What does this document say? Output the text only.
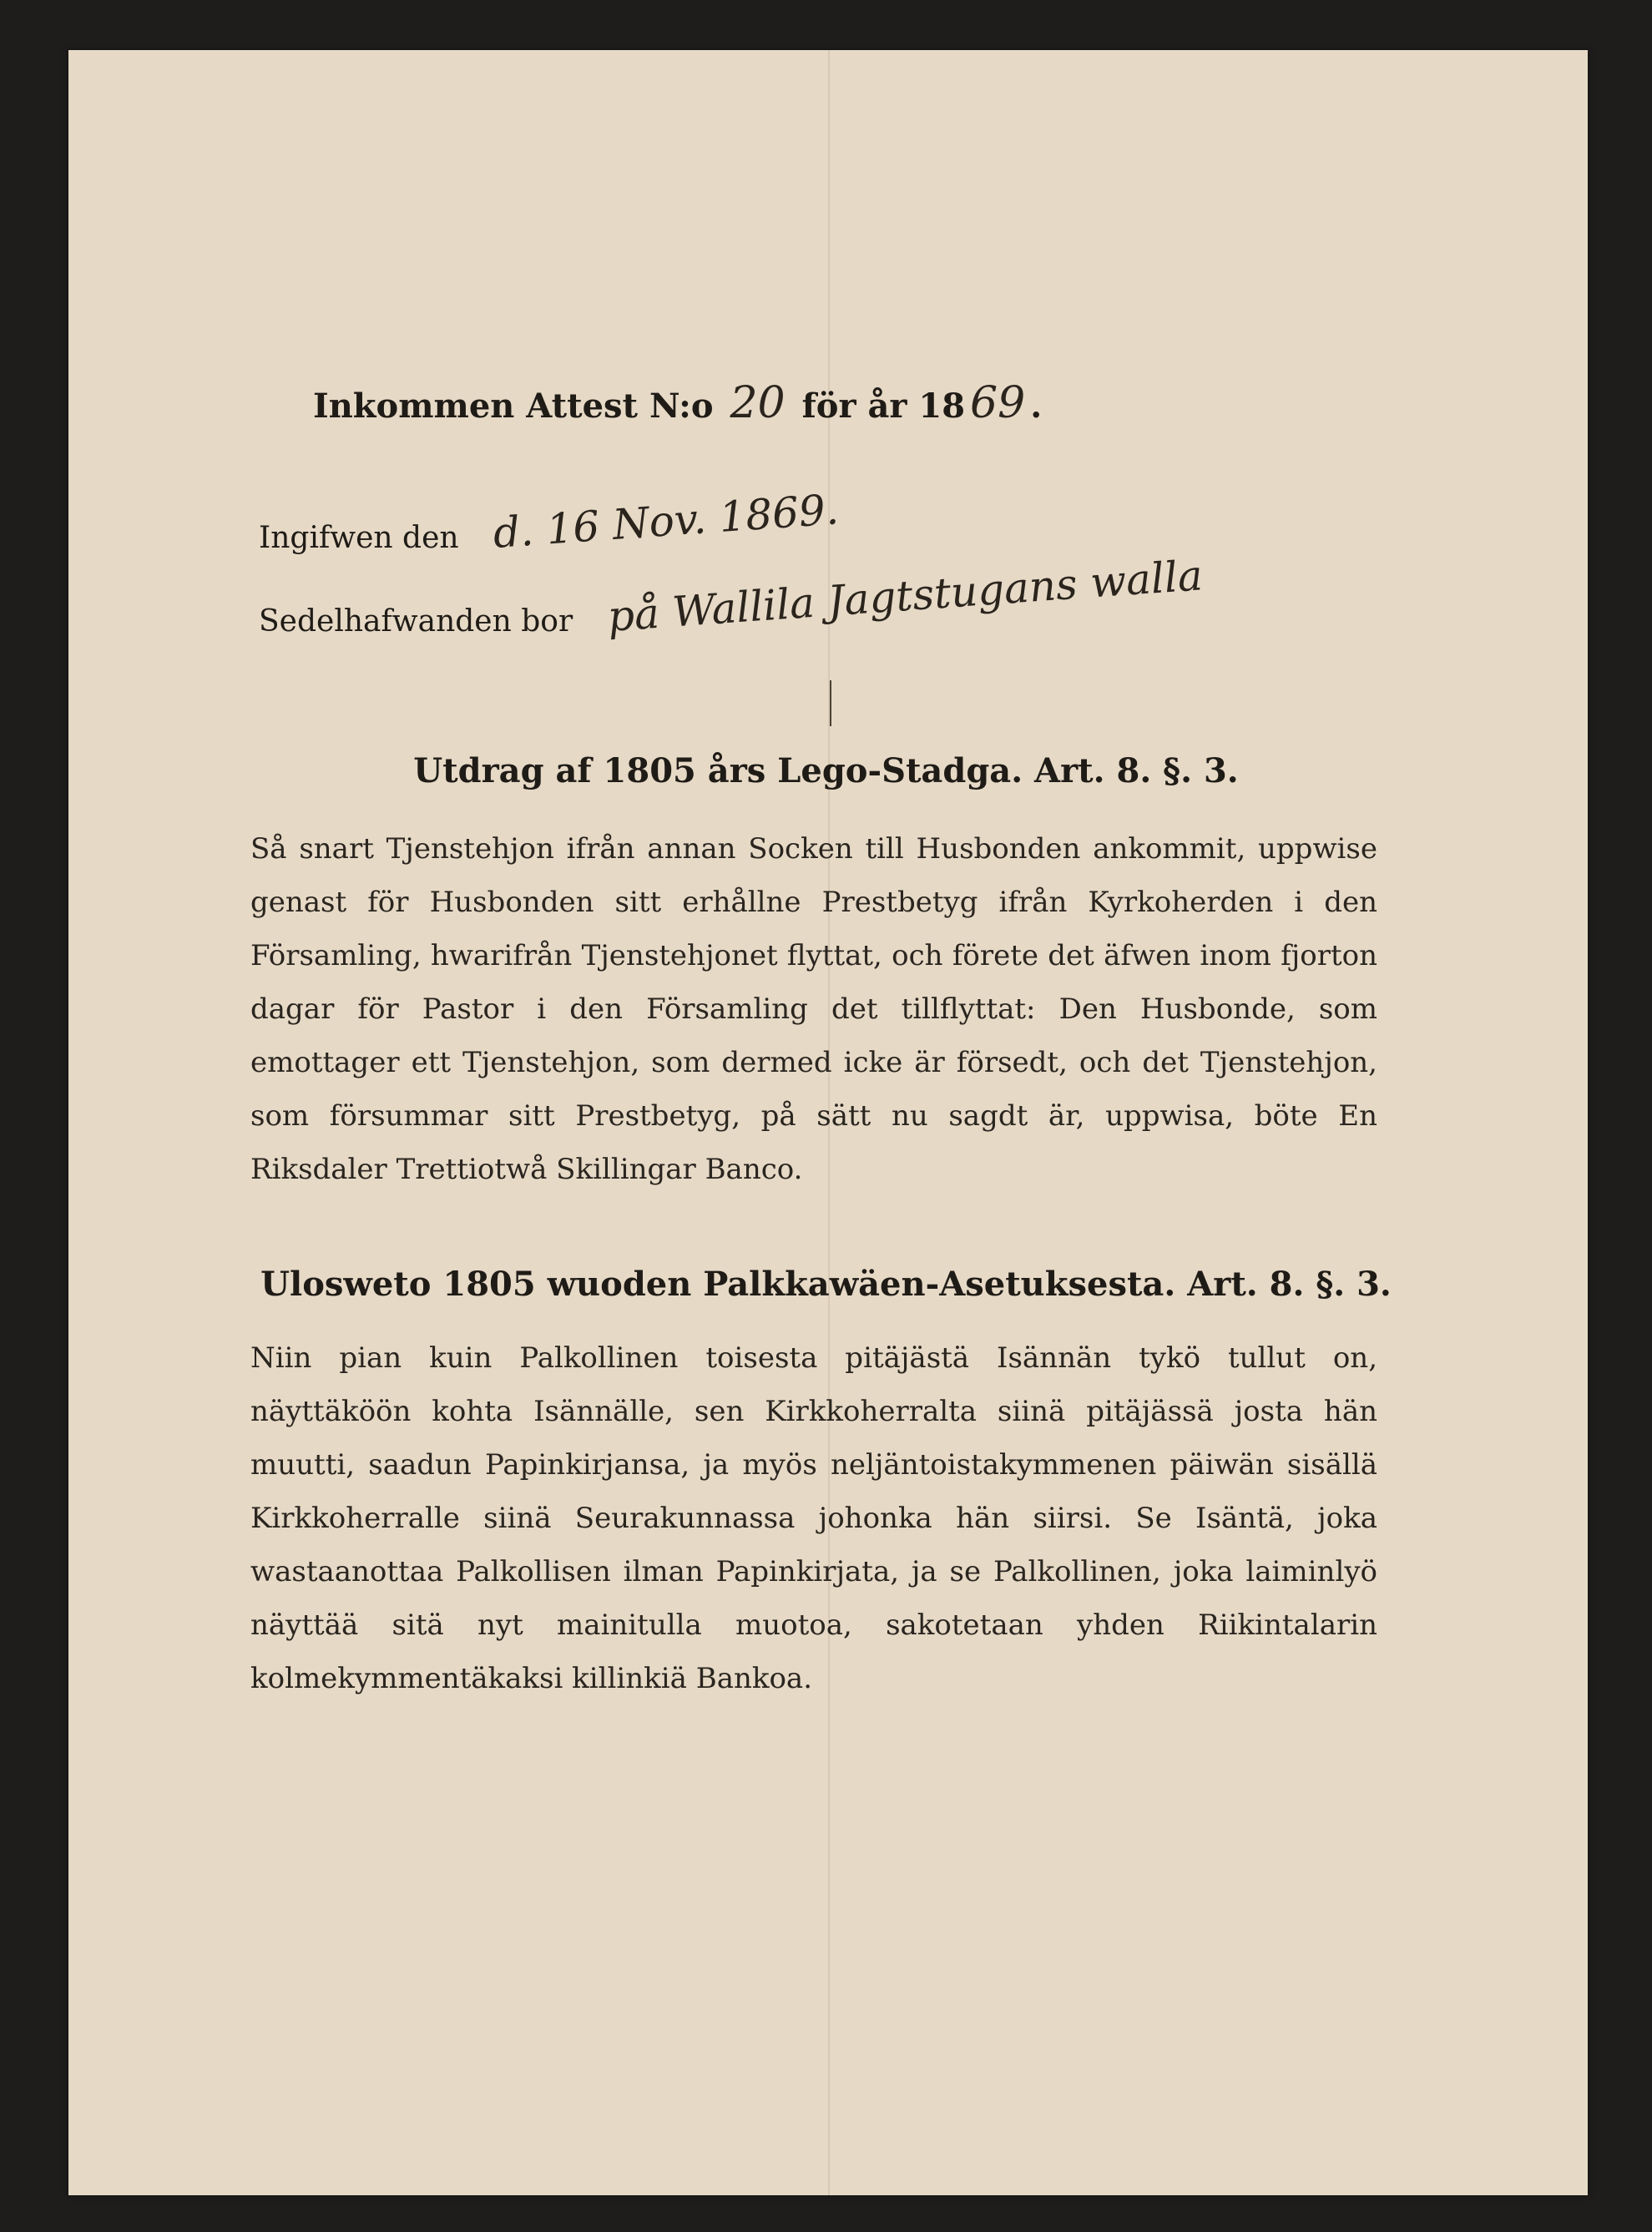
Inkommen Attest N:o 20 för år 18 69 .
Ingifwen den d. 16 Nov. 1869.
Sedelhafwanden bor på Wallila Jagtstugans walla
Utdrag af 1805 års Lego-Stadga. Art. 8. §. 3.
Så snart Tjenstehjon ifrån annan Socken till Husbonden ankommit, uppwise genast för Husbonden sitt erhållne Prestbetyg ifrån Kyrkoherden i den Församling, hwarifrån Tjenstehjonet flyttat, och förete det äfwen inom fjorton dagar för Pastor i den Församling det tillflyttat: Den Husbonde, som emottager ett Tjenstehjon, som dermed icke är försedt, och det Tjenstehjon, som försummar sitt Prestbetyg, på sätt nu sagdt är, uppwisa, böte En Riksdaler Trettiotwå Skillingar Banco.
Ulosweto 1805 wuoden Palkkawäen-Asetuksesta. Art. 8. §. 3.
Niin pian kuin Palkollinen toisesta pitäjästä Isännän tykö tullut on, näyttäköön kohta Isännälle, sen Kirkkoherralta siinä pitäjässä josta hän muutti, saadun Papinkirjansa, ja myös neljäntoistakymmenen päiwän sisällä Kirkkoherralle siinä Seurakunnassa johonka hän siirsi. Se Isäntä, joka wastaanottaa Palkollisen ilman Papinkirjata, ja se Palkollinen, joka laiminlyö näyttää sitä nyt mainitulla muotoa, sakotetaan yhden Riikintalarin kolmekymmentäkaksi killinkiä Bankoa.
